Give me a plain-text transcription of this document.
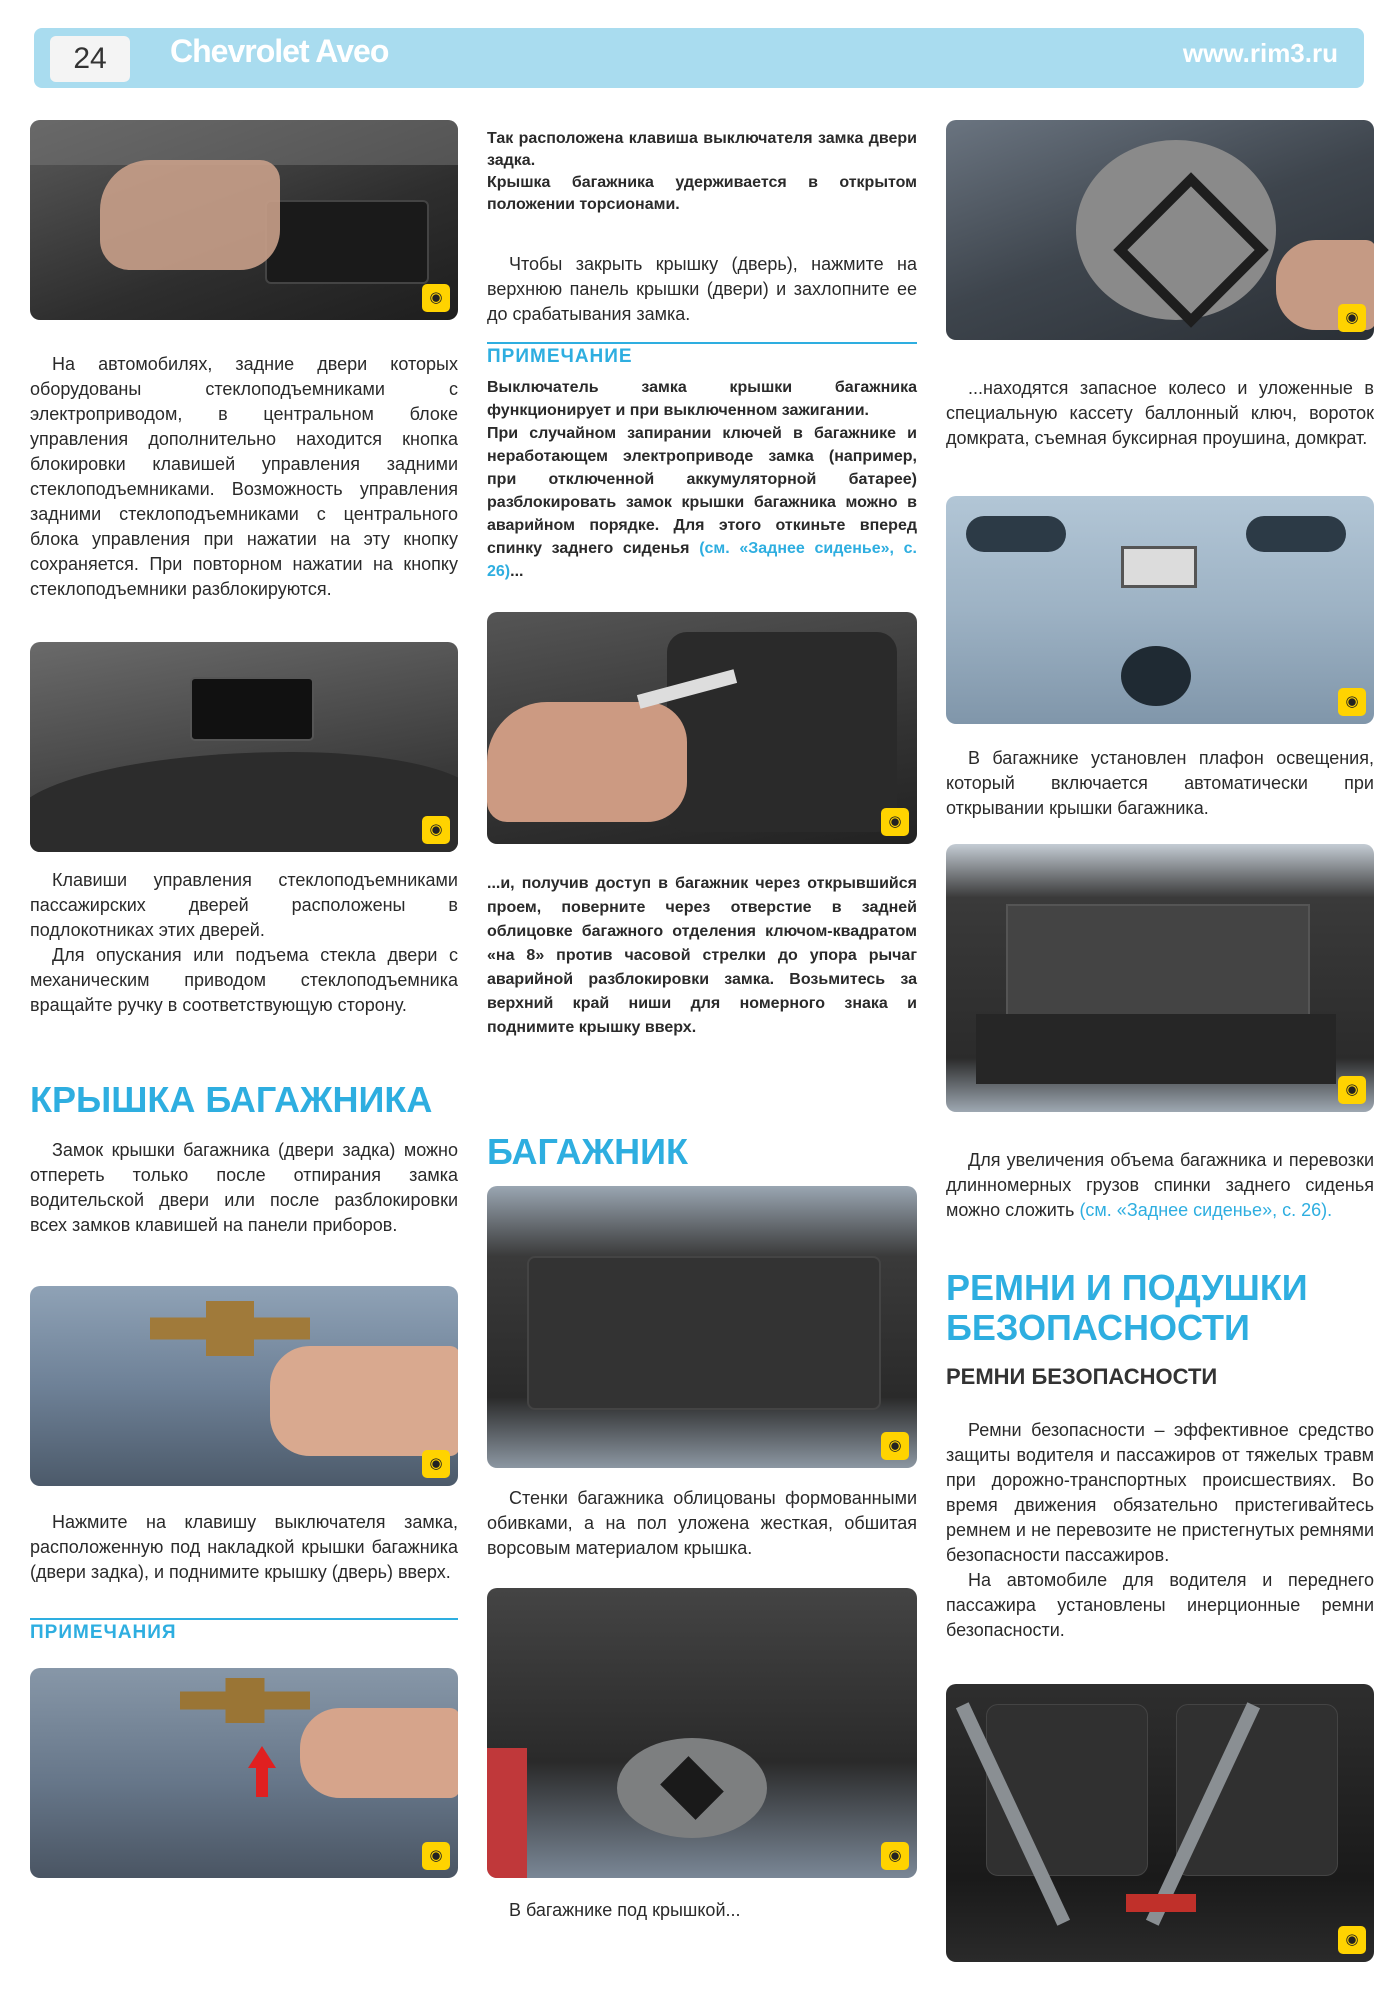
24	Chevrolet Aveo	www.rim3.ru
◉

На автомобилях, задние двери которых оборудованы стеклоподъемниками с электроприводом, в центральном блоке управления дополнительно находится кнопка блокировки клавишей управления задними стеклоподъемниками. Возможность управления задними стеклоподъемниками с центрального блока управления при нажатии на эту кнопку сохраняется. При повторном нажатии на кнопку стеклоподъемники разблокируются.

◉

Клавиши управления стеклоподъемниками пассажирских дверей расположены в подлокотниках этих дверей.

Для опускания или подъема стекла двери с механическим приводом стеклоподъемника вращайте ручку в соответствующую сторону.

КРЫШКА БАГАЖНИКА

Замок крышки багажника (двери задка) можно отпереть только после отпирания замка водительской двери или после разблокировки всех замков клавишей на панели приборов.

◉

Нажмите на клавишу выключателя замка, расположенную под накладкой крышки багажника (двери задка), и поднимите крышку (дверь) вверх.

ПРИМЕЧАНИЯ
◉
Так расположена клавиша выключателя замка двери задка.
Крышка багажника удерживается в открытом положении торсионами.

Чтобы закрыть крышку (дверь), нажмите на верхнюю панель крышки (двери) и захлопните ее до срабатывания замка.

ПРИМЕЧАНИЕ
Выключатель замка крышки багажника функционирует и при выключенном зажигании.
При случайном запирании ключей в багажнике и неработающем электроприводе замка (например, при отключенной аккумуляторной батарее) разблокировать замок крышки багажника можно в аварийном порядке. Для этого откиньте вперед спинку заднего сиденья (см. «Заднее сиденье», с. 26)...
◉
...и, получив доступ в багажник через открывшийся проем, поверните через отверстие в задней облицовке багажного отделения ключом-квадратом «на 8» против часовой стрелки до упора рычаг аварийной разблокировки замка. Возьмитесь за верхний край ниши для номерного знака и поднимите крышку вверх.
БАГАЖНИК
◉

Стенки багажника облицованы формованными обивками, а на пол уложена жесткая, обшитая ворсовым материалом крышка.

◉

В багажнике под крышкой...

◉

...находятся запасное колесо и уложенные в специальную кассету баллонный ключ, вороток домкрата, съемная буксирная проушина, домкрат.

◉

В багажнике установлен плафон освещения, который включается автоматически при открывании крышки багажника.

◉

Для увеличения объема багажника и перевозки длинномерных грузов спинки заднего сиденья можно сложить (см. «Заднее сиденье», с. 26).

РЕМНИ И ПОДУШКИ БЕЗОПАСНОСТИ
РЕМНИ БЕЗОПАСНОСТИ

Ремни безопасности – эффективное средство защиты водителя и пассажиров от тяжелых травм при дорожно-транспортных происшествиях. Во время движения обязательно пристегивайтесь ремнем и не перевозите не пристегнутых ремнями безопасности пассажиров.

На автомобиле для водителя и переднего пассажира установлены инерционные ремни безопасности.

◉
